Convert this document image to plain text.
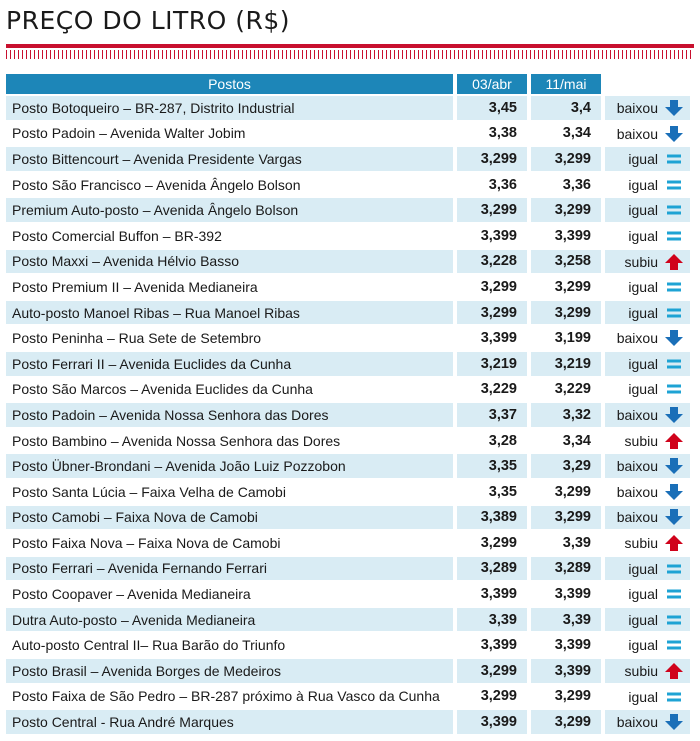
PREÇO DO LITRO (R$)
Postos		03/abr		11/mai		
Posto Botoqueiro – BR-287, Distrito Industrial		3,45		3,4		baixou

Posto Padoin – Avenida Walter Jobim		3,38		3,34		baixou

Posto Bittencourt – Avenida Presidente Vargas		3,299		3,299		igual

Posto São Francisco – Avenida Ângelo Bolson		3,36		3,36		igual

Premium Auto-posto – Avenida Ângelo Bolson		3,299		3,299		igual

Posto Comercial Buffon – BR-392		3,399		3,399		igual

Posto Maxxi – Avenida Hélvio Basso		3,228		3,258		subiu

Posto Premium II – Avenida Medianeira		3,299		3,299		igual

Auto-posto Manoel Ribas – Rua Manoel Ribas		3,299		3,299		igual

Posto Peninha – Rua Sete de Setembro		3,399		3,199		baixou

Posto Ferrari II – Avenida Euclides da Cunha		3,219		3,219		igual

Posto São Marcos – Avenida Euclides da Cunha		3,229		3,229		igual

Posto Padoin – Avenida Nossa Senhora das Dores		3,37		3,32		baixou

Posto Bambino – Avenida Nossa Senhora das Dores		3,28		3,34		subiu

Posto Übner-Brondani – Avenida João Luiz Pozzobon		3,35		3,29		baixou

Posto Santa Lúcia – Faixa Velha de Camobi		3,35		3,299		baixou

Posto Camobi – Faixa Nova de Camobi		3,389		3,299		baixou

Posto Faixa Nova – Faixa Nova de Camobi		3,299		3,39		subiu

Posto Ferrari – Avenida Fernando Ferrari		3,289		3,289		igual

Posto Coopaver – Avenida Medianeira		3,399		3,399		igual

Dutra Auto-posto – Avenida Medianeira		3,39		3,39		igual

Auto-posto Central II– Rua Barão do Triunfo		3,399		3,399		igual

Posto Brasil – Avenida Borges de Medeiros		3,299		3,399		subiu

Posto Faixa de São Pedro – BR-287 próximo à Rua Vasco da Cunha		3,299		3,299		igual

Posto Central - Rua André Marques		3,399		3,299		baixou
